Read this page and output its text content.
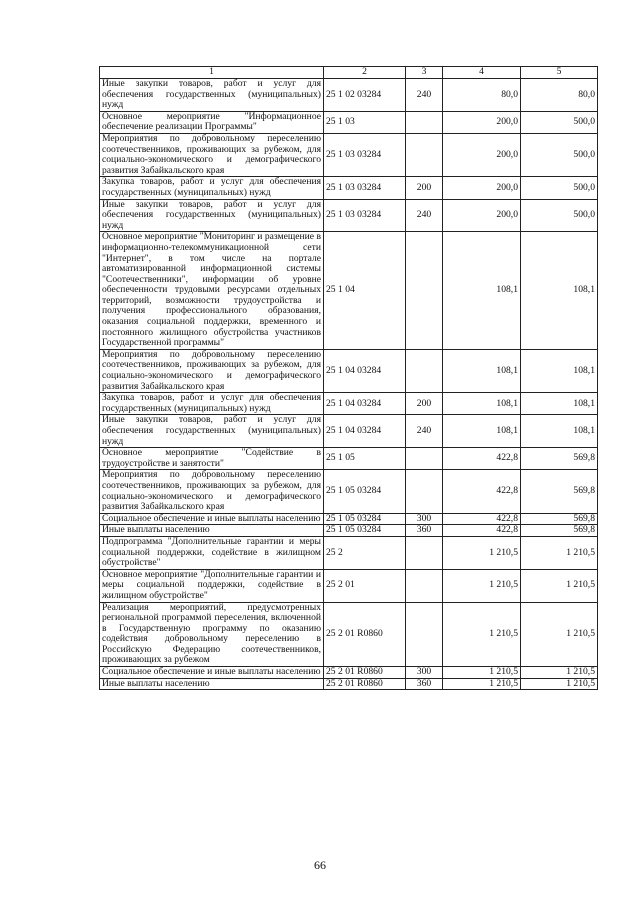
1	2	3	4	5
Иные закупки товаров, работ и услуг для обеспечения государственных (муниципальных) нужд	25 1 02 03284	240	80,0	80,0
Основное мероприятие "Информационное обеспечение реализации Программы"	25 1 03		200,0	500,0
Мероприятия по добровольному переселению соотечественников, проживающих за рубежом, для социально-экономического и демографического развития Забайкальского края	25 1 03 03284		200,0	500,0
Закупка товаров, работ и услуг для обеспечения государственных (муниципальных) нужд	25 1 03 03284	200	200,0	500,0
Иные закупки товаров, работ и услуг для обеспечения государственных (муниципальных) нужд	25 1 03 03284	240	200,0	500,0
Основное мероприятие "Мониторинг и размещение в информационно-телекоммуникационной сети "Интернет", в том числе на портале автоматизированной информационной системы "Соотечественники", информации об уровне обеспеченности трудовыми ресурсами отдельных территорий, возможности трудоустройства и получения профессионального образования, оказания социальной поддержки, временного и постоянного жилищного обустройства участников Государственной программы"	25 1 04		108,1	108,1
Мероприятия по добровольному переселению соотечественников, проживающих за рубежом, для социально-экономического и демографического развития Забайкальского края	25 1 04 03284		108,1	108,1
Закупка товаров, работ и услуг для обеспечения государственных (муниципальных) нужд	25 1 04 03284	200	108,1	108,1
Иные закупки товаров, работ и услуг для обеспечения государственных (муниципальных) нужд	25 1 04 03284	240	108,1	108,1
Основное мероприятие "Содействие в трудоустройстве и занятости"	25 1 05		422,8	569,8
Мероприятия по добровольному переселению соотечественников, проживающих за рубежом, для социально-экономического и демографического развития Забайкальского края	25 1 05 03284		422,8	569,8
Социальное обеспечение и иные выплаты населению	25 1 05 03284	300	422,8	569,8
Иные выплаты населению	25 1 05 03284	360	422,8	569,8
Подпрограмма "Дополнительные гарантии и меры социальной поддержки, содействие в жилищном обустройстве"	25 2		1 210,5	1 210,5
Основное мероприятие "Дополнительные гарантии и меры социальной поддержки, содействие в жилищном обустройстве"	25 2 01		1 210,5	1 210,5
Реализация мероприятий, предусмотренных региональной программой переселения, включенной в Государственную программу по оказанию содействия добровольному переселению в Российскую Федерацию соотечественников, проживающих за рубежом	25 2 01 R0860		1 210,5	1 210,5
Социальное обеспечение и иные выплаты населению	25 2 01 R0860	300	1 210,5	1 210,5
Иные выплаты населению	25 2 01 R0860	360	1 210,5	1 210,5
66
